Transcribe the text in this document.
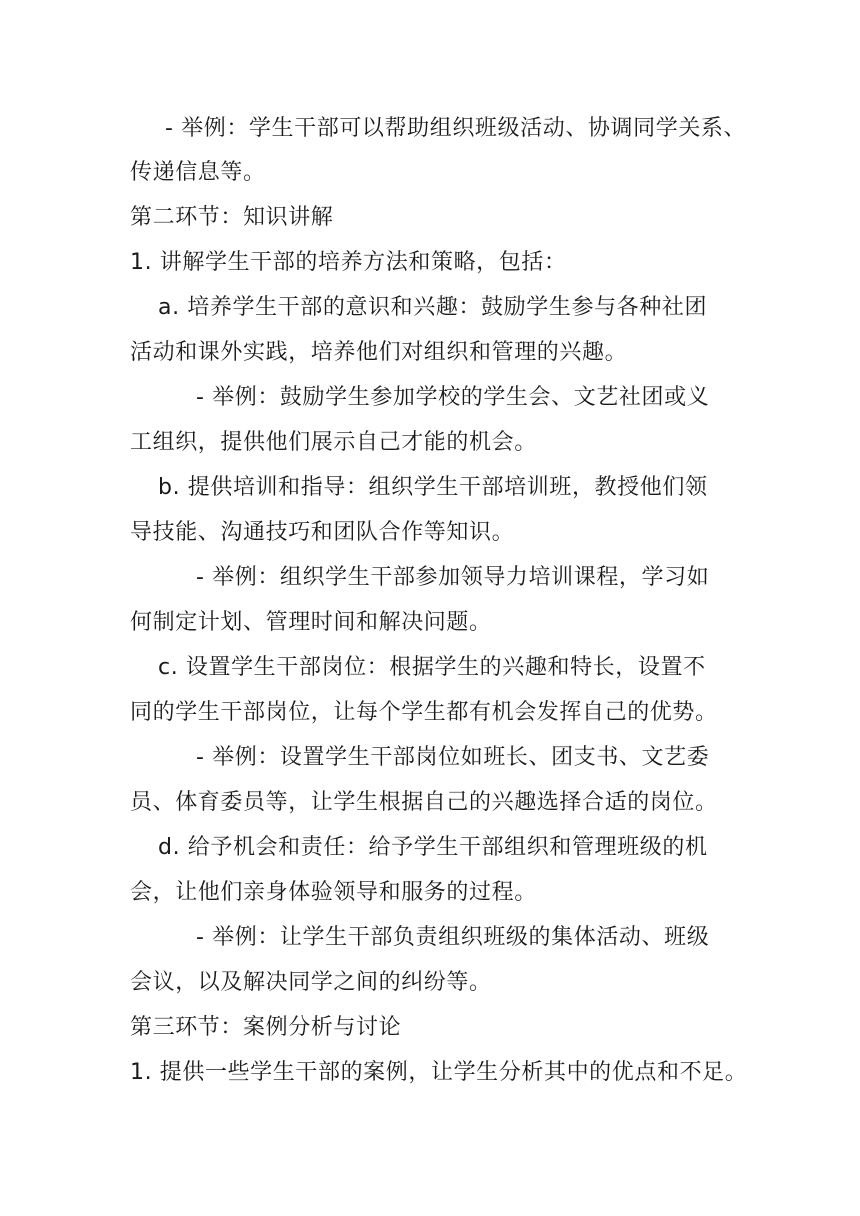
- 举例：学生干部可以帮助组织班级活动、协调同学关系、
传递信息等。
第二环节：知识讲解
1. 讲解学生干部的培养方法和策略，包括：
a. 培养学生干部的意识和兴趣：鼓励学生参与各种社团
活动和课外实践，培养他们对组织和管理的兴趣。
- 举例：鼓励学生参加学校的学生会、文艺社团或义
工组织，提供他们展示自己才能的机会。
b. 提供培训和指导：组织学生干部培训班，教授他们领
导技能、沟通技巧和团队合作等知识。
- 举例：组织学生干部参加领导力培训课程，学习如
何制定计划、管理时间和解决问题。
c. 设置学生干部岗位：根据学生的兴趣和特长，设置不
同的学生干部岗位，让每个学生都有机会发挥自己的优势。
- 举例：设置学生干部岗位如班长、团支书、文艺委
员、体育委员等，让学生根据自己的兴趣选择合适的岗位。
d. 给予机会和责任：给予学生干部组织和管理班级的机
会，让他们亲身体验领导和服务的过程。
- 举例：让学生干部负责组织班级的集体活动、班级
会议，以及解决同学之间的纠纷等。
第三环节：案例分析与讨论
1. 提供一些学生干部的案例，让学生分析其中的优点和不足。
